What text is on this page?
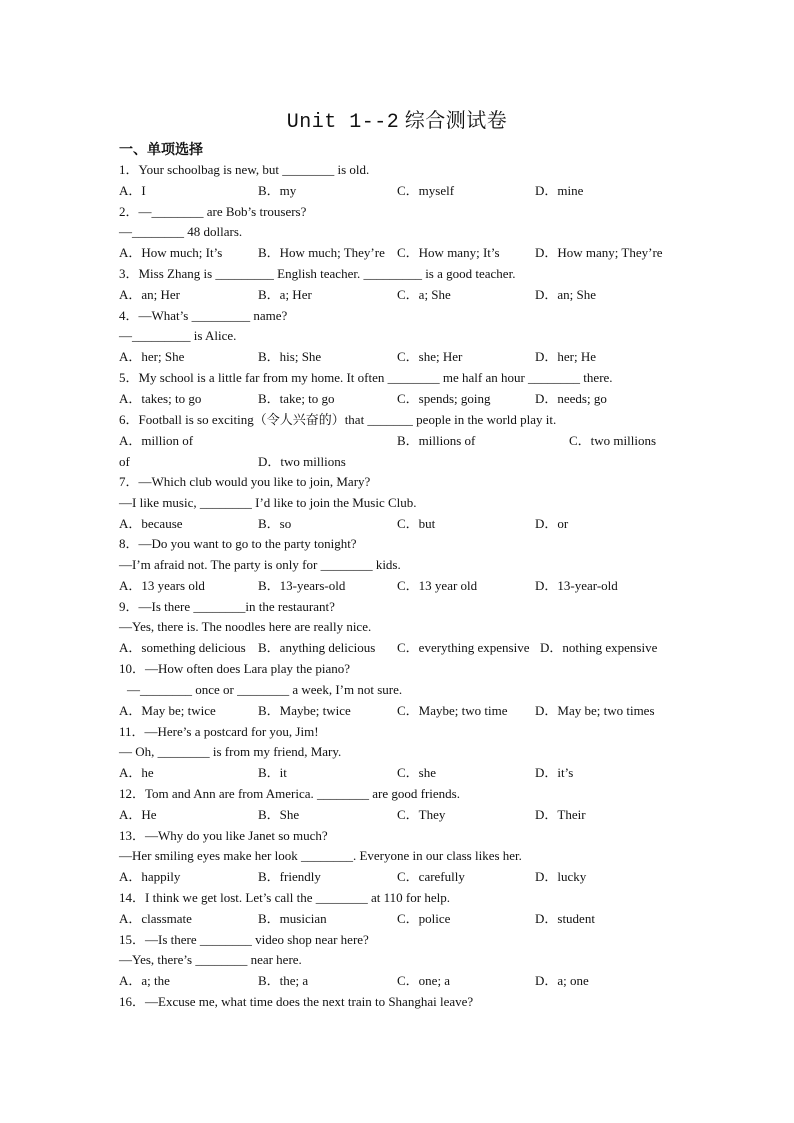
Unit 1--2 综合测试卷
一、单项选择
1．Your schoolbag is new, but ________ is old.
A．I	B．my	C．myself	D．mine
2．—________ are Bob’s trousers?
—________ 48 dollars.
A．How much; It’s	B．How much; They’re C．How many; It’s	D．How many; They’re
3．Miss Zhang is _________ English teacher. _________ is a good teacher.
A．an; Her	B．a; Her	C．a; She	D．an; She
4．—What’s _________ name?
—_________ is Alice.
A．her; She	B．his; She	C．she; Her	D．her; He
5．My school is a little far from my home. It often ________ me half an hour ________ there.
A．takes; to go	B．take; to go	C．spends; going	D．needs; go
6．Football is so exciting（令人兴奋的）that _______ people in the world play it.
A．million of	B．millions of	C．two millions
of	D．two millions
7．—Which club would you like to join, Mary?
—I like music, ________ I’d like to join the Music Club.
A．because	B．so	C．but	D．or
8．—Do you want to go to the party tonight?
—I’m afraid not. The party is only for ________ kids.
A．13 years old	B．13-years-old	C．13 year old	D．13-year-old
9．—Is there ________in the restaurant?
—Yes, there is. The noodles here are really nice.
A．something delicious B．anything delicious C．everything expensive D．nothing expensive
10．—How often does Lara play the piano?
—________ once or ________ a week, I’m not sure.
A．May be; twice	B．Maybe; twice	C．Maybe; two time D．May be; two times
11．—Here’s a postcard for you, Jim!
— Oh, ________ is from my friend, Mary.
A．he	B．it	C．she	D．it’s
12．Tom and Ann are from America. ________ are good friends.
A．He	B．She	C．They	D．Their
13．—Why do you like Janet so much?
—Her smiling eyes make her look ________. Everyone in our class likes her.
A．happily	B．friendly	C．carefully	D．lucky
14．I think we get lost. Let’s call the ________ at 110 for help.
A．classmate	B．musician	C．police	D．student
15．—Is there ________ video shop near here?
—Yes, there’s ________ near here.
A．a; the	B．the; a	C．one; a	D．a; one
16．—Excuse me, what time does the next train to Shanghai leave?
